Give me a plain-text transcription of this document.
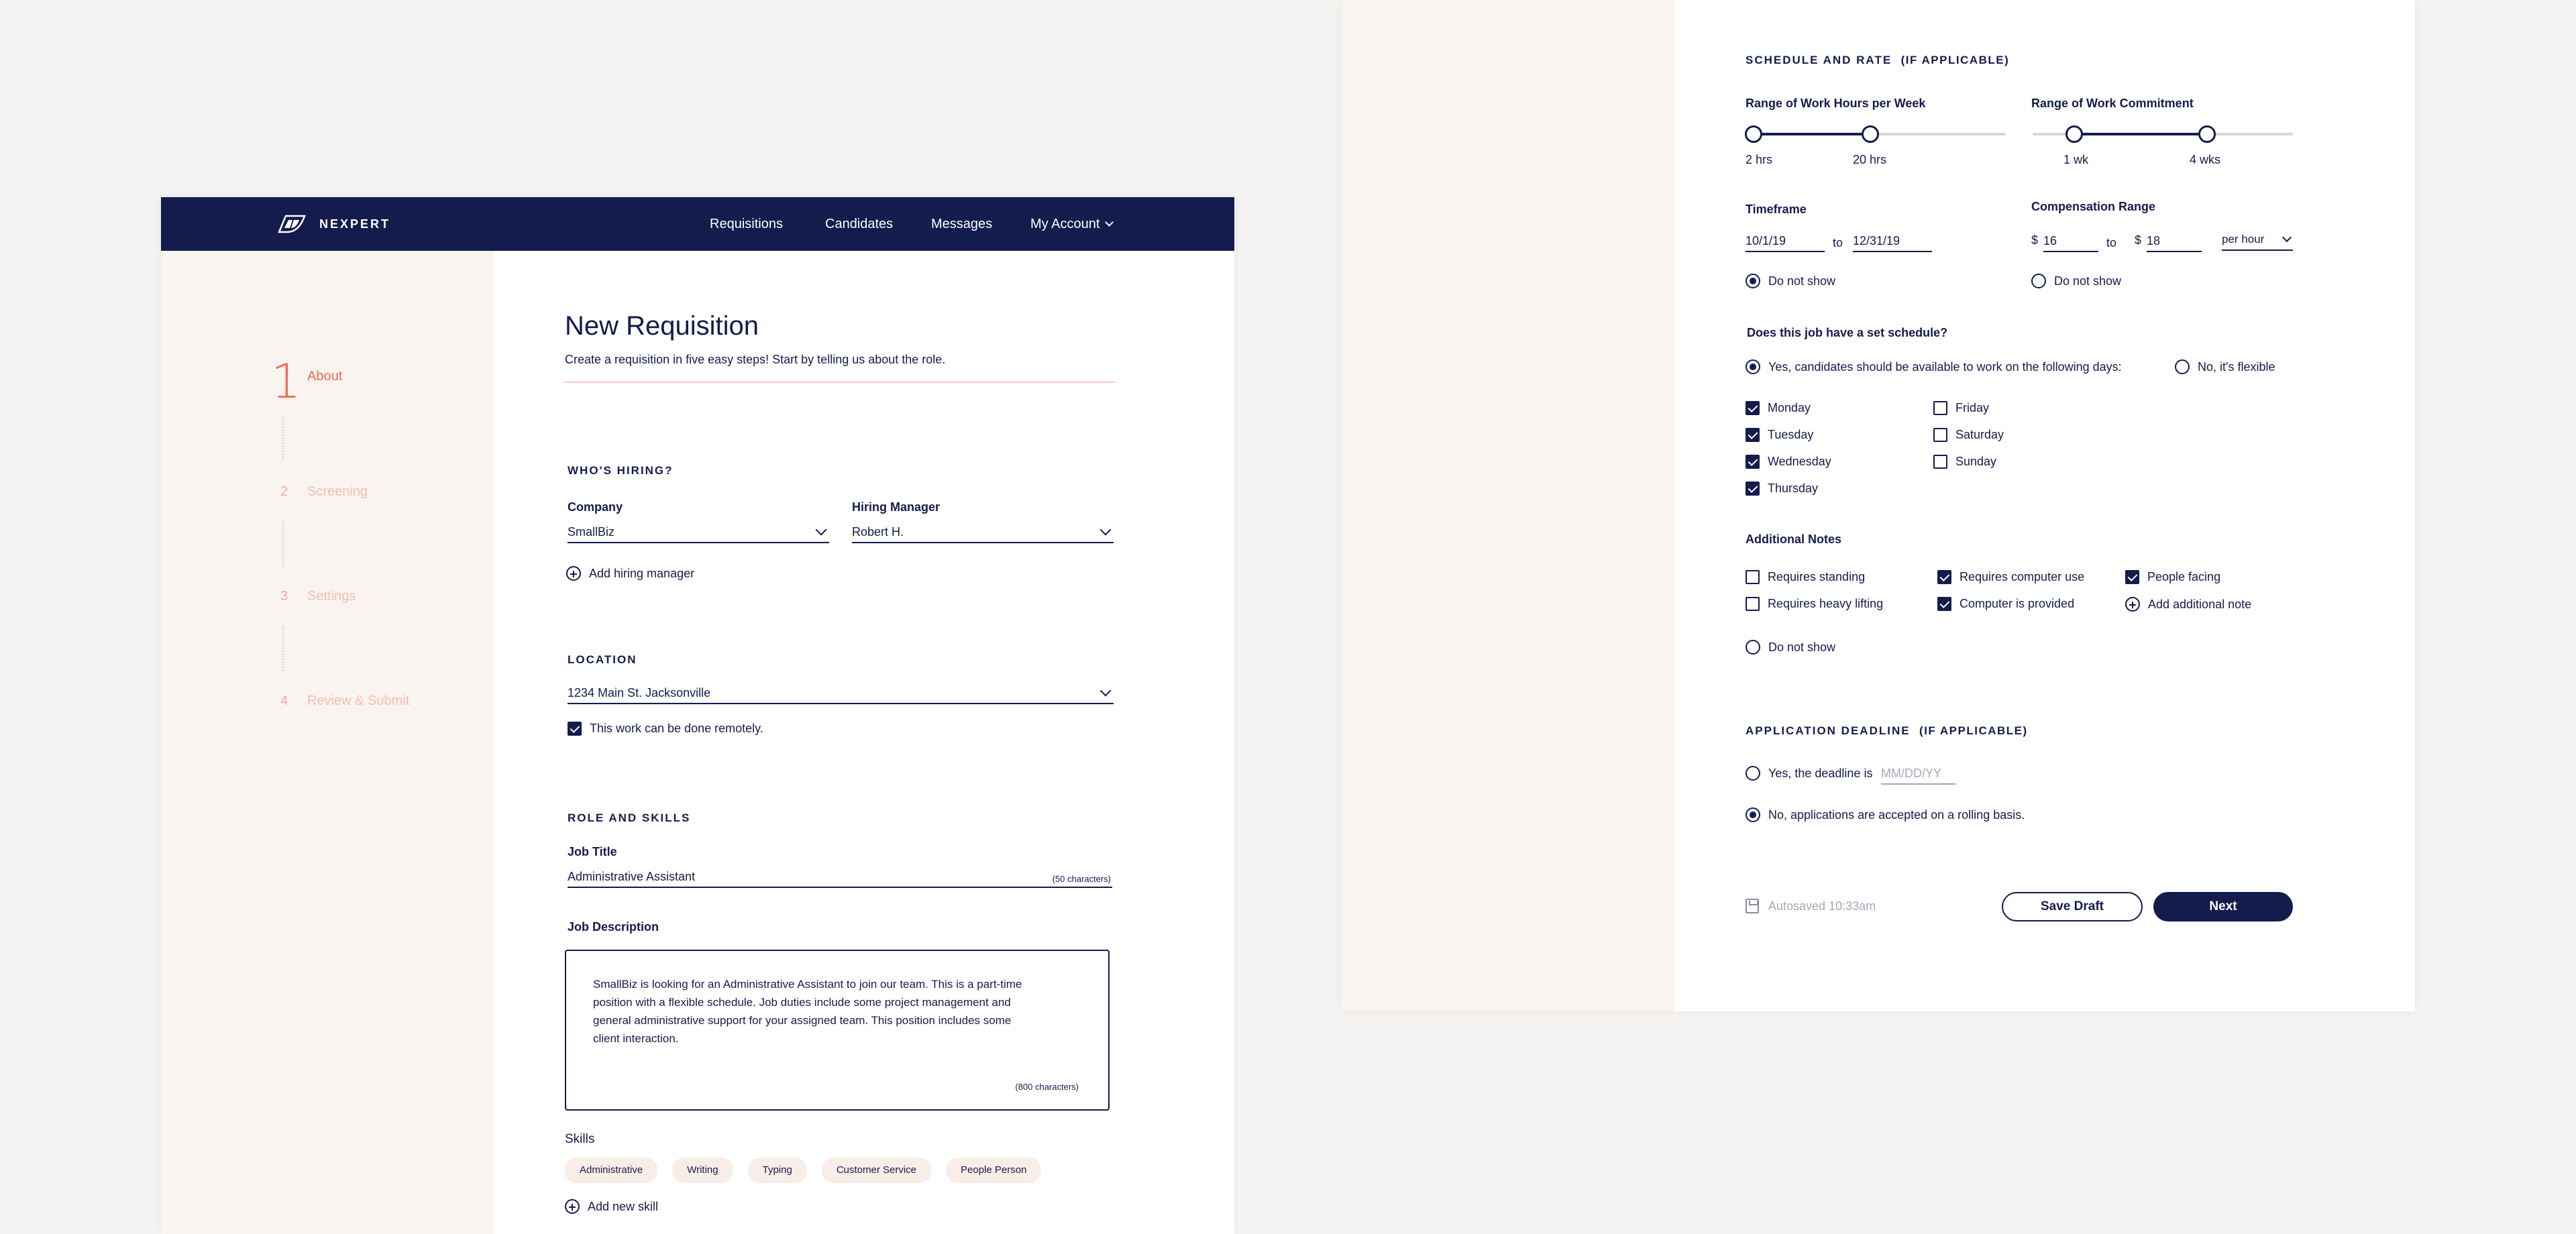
NEXPERT	Requisitions	Candidates	Messages	My Account
1 About
2 Screening
3 Settings
4 Review & Submit
New Requisition

Create a requisition in five easy steps! Start by telling us about the role.

WHO'S HIRING?
Company
SmallBiz
Hiring Manager
Robert H.
Add hiring manager
LOCATION
1234 Main St. Jacksonville
This work can be done remotely.
ROLE AND SKILLS
Job Title
Administrative Assistant	(50 characters)
Job Description
SmallBiz is looking for an Administrative Assistant to join our team. This is a part-time position with a flexible schedule. Job duties include some project management and general administrative support for your assigned team. This position includes some client interaction.
(800 characters)
Skills
Administrative	Writing	Typing	Customer Service	People Person
Add new skill
SCHEDULE AND RATE (IF APPLICABLE)
Range of Work Hours per Week
2 hrs	20 hrs
Range of Work Commitment
1 wk	4 wks
Timeframe
10/1/19	to 12/31/19
Do not show
Compensation Range
$ 16	to $ 18	per hour
Do not show
Does this job have a set schedule?
Yes, candidates should be available to work on the following days:	No, it's flexible
Monday
Tuesday
Wednesday
Thursday
Friday
Saturday
Sunday
Additional Notes
Requires standing
Requires heavy lifting
Requires computer use
Computer is provided
People facing
Add additional note
Do not show
APPLICATION DEADLINE (IF APPLICABLE)
Yes, the deadline is MM/DD/YY
No, applications are accepted on a rolling basis.
Autosaved 10:33am	Save Draft	Next
